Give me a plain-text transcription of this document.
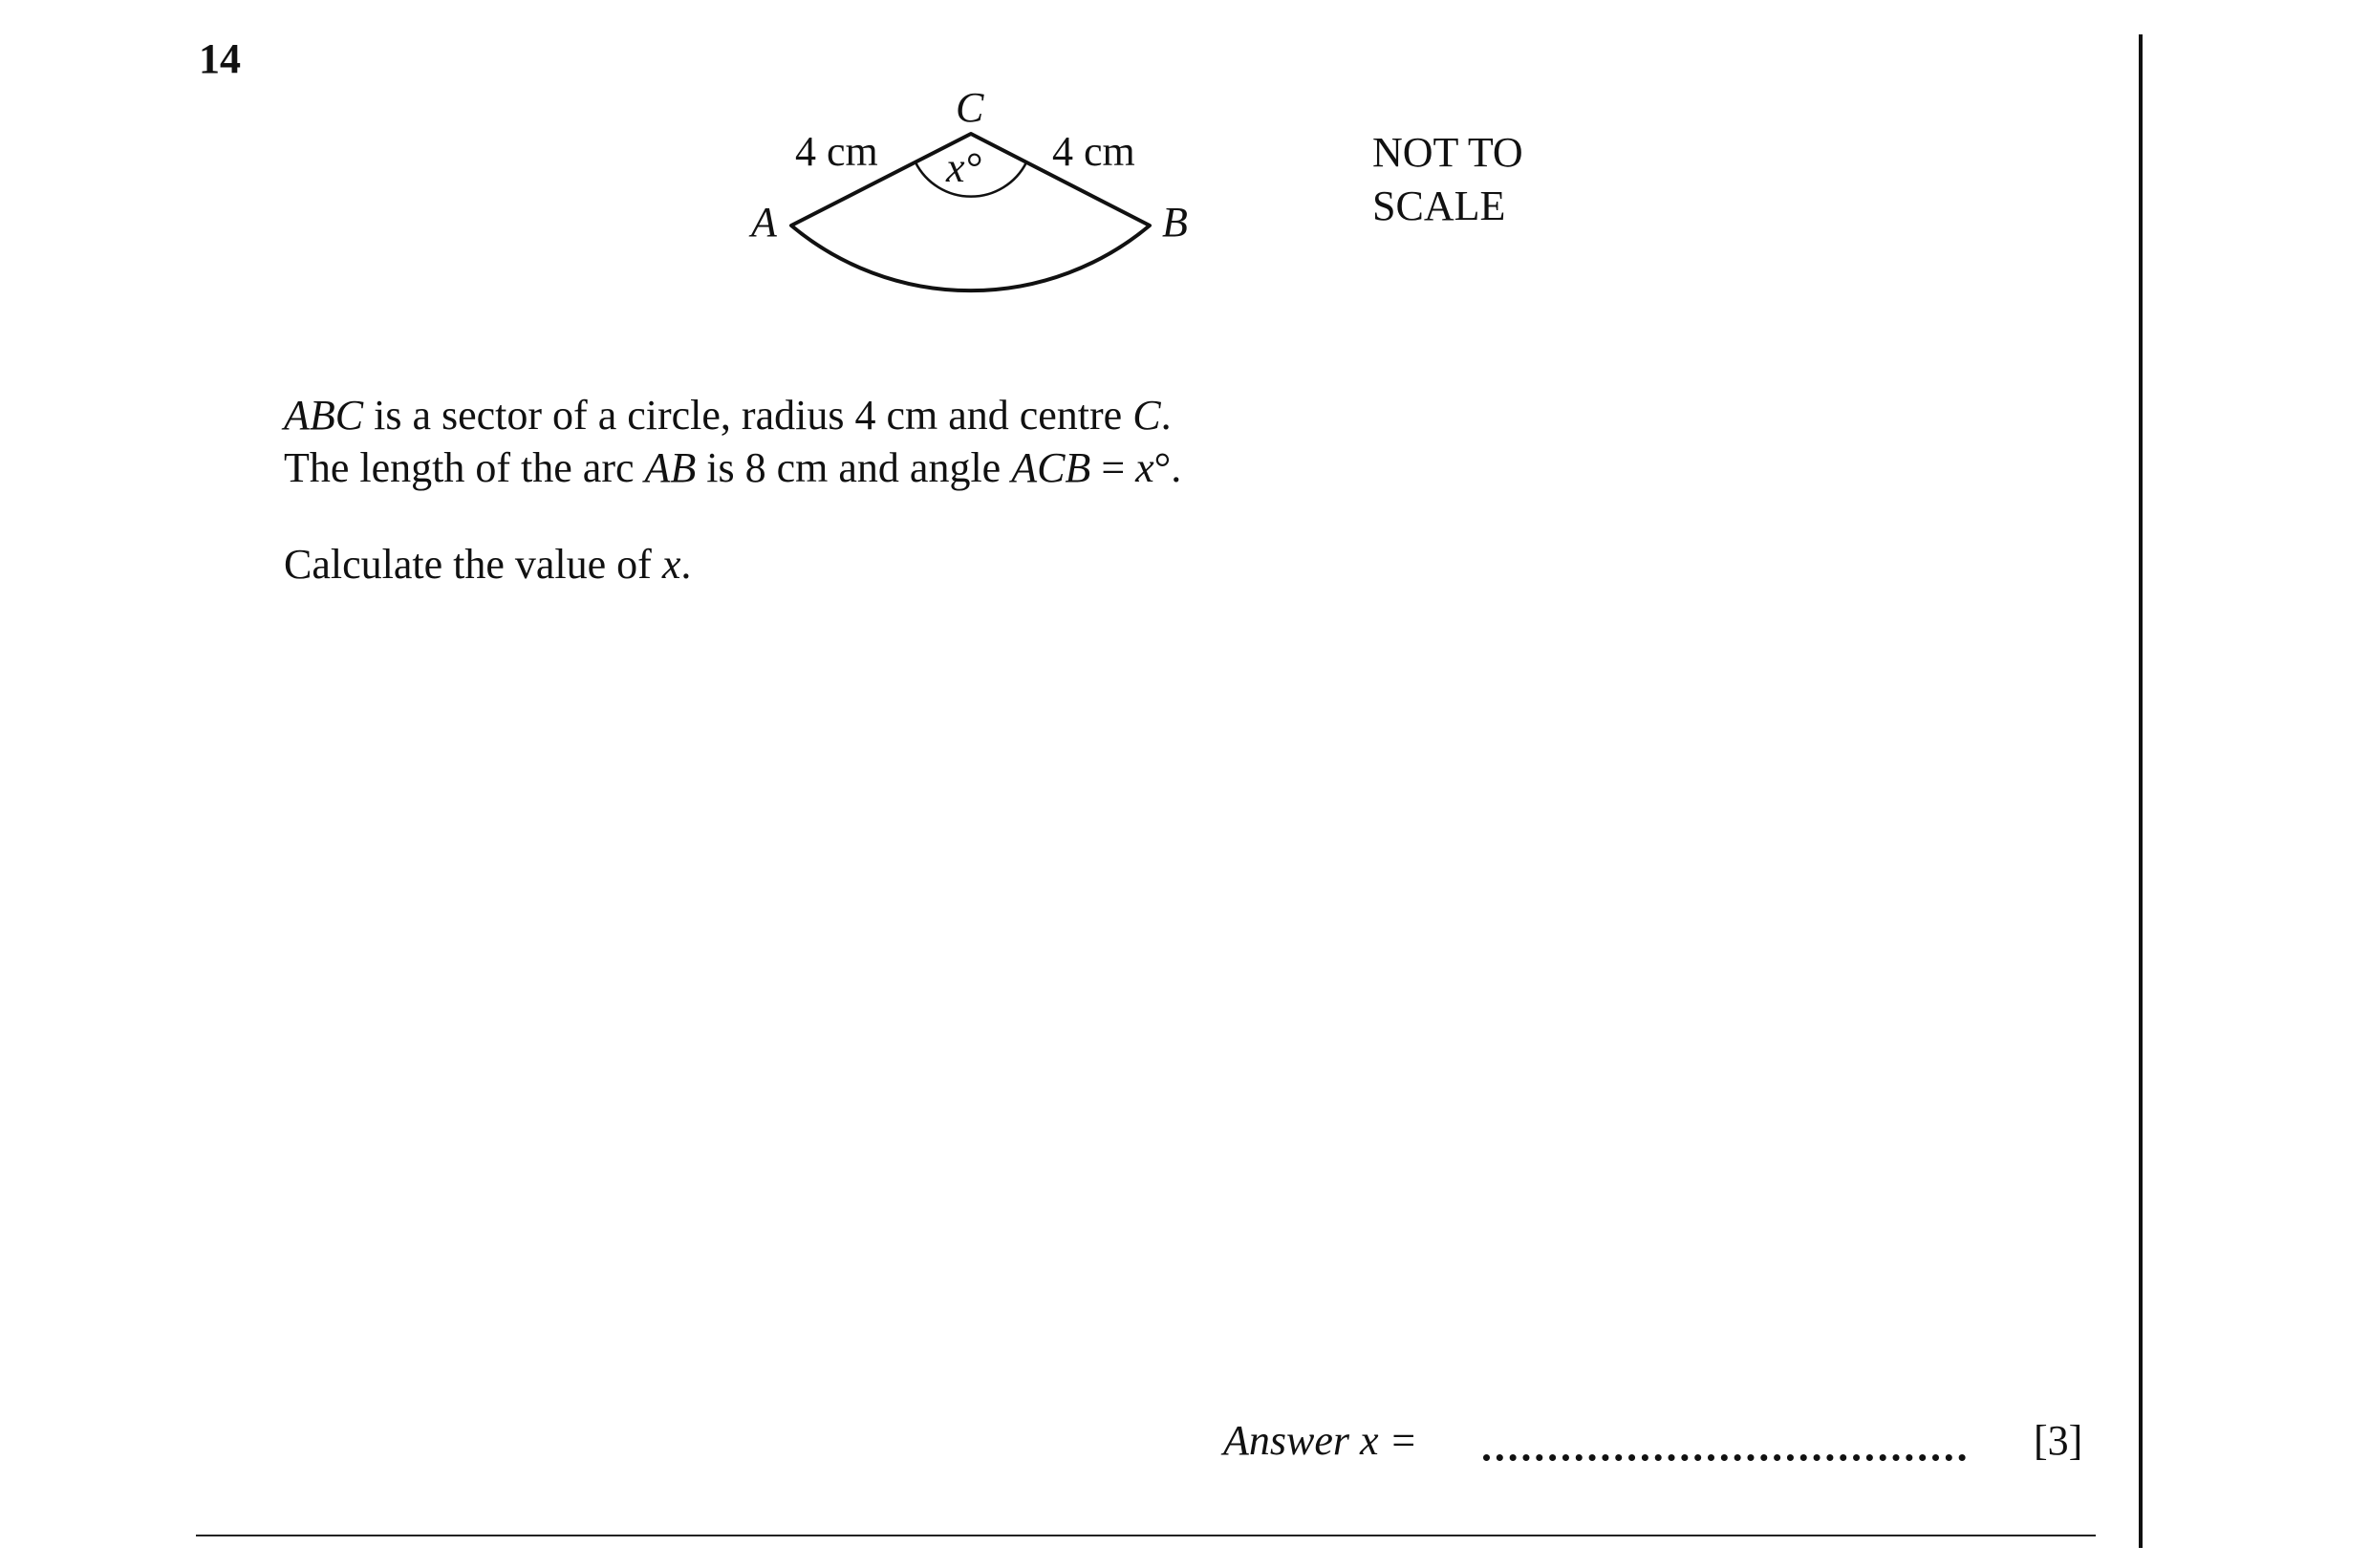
14
C
A	B
x°
4 cm	4 cm	NOT TO
SCALE
ABC is a sector of a circle, radius 4 cm and centre C.
The length of the arc AB is 8 cm and angle ACB = x°.
Calculate the value of x.
Answer x =	[3]
